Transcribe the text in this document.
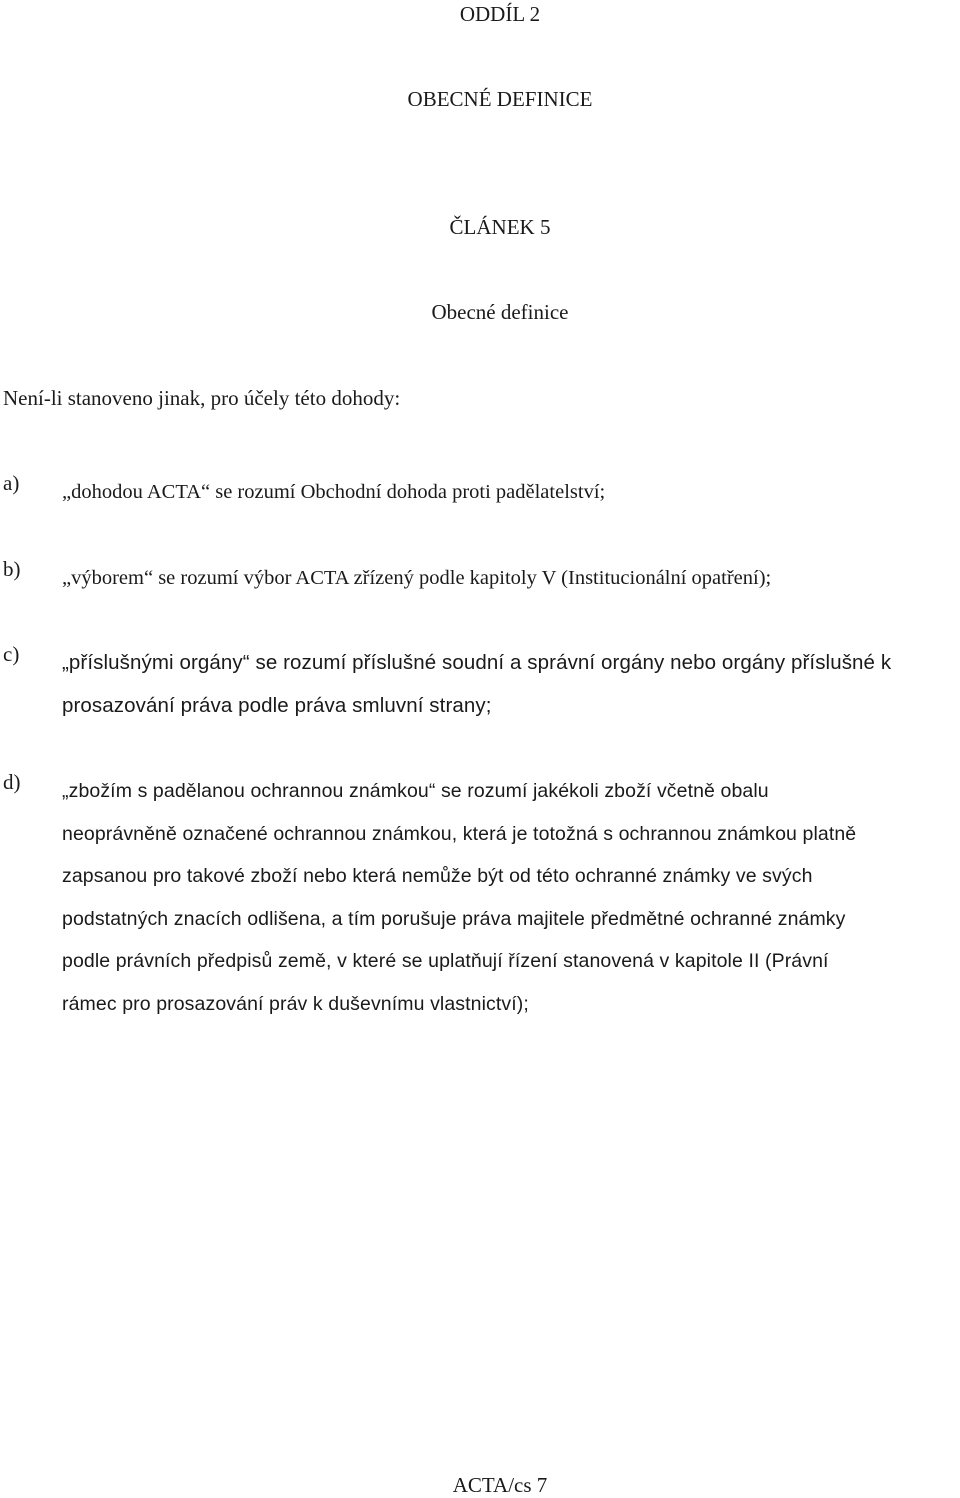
ODDÍL 2
OBECNÉ DEFINICE
ČLÁNEK 5
Obecné definice
Není-li stanoveno jinak, pro účely této dohody:
a) „dohodou ACTA“ se rozumí Obchodní dohoda proti padělatelství;
b) „výborem“ se rozumí výbor ACTA zřízený podle kapitoly V (Institucionální opatření);
c) „příslušnými orgány“ se rozumí příslušné soudní a správní orgány nebo orgány příslušné k
prosazování práva podle práva smluvní strany;
d) „zbožím s padělanou ochrannou známkou“ se rozumí jakékoli zboží včetně obalu
neoprávněně označené ochrannou známkou, která je totožná s ochrannou známkou platně
zapsanou pro takové zboží nebo která nemůže být od této ochranné známky ve svých
podstatných znacích odlišena, a tím porušuje práva majitele předmětné ochranné známky
podle právních předpisů země, v které se uplatňují řízení stanovená v kapitole II (Právní
rámec pro prosazování práv k duševnímu vlastnictví);
ACTA/cs 7
